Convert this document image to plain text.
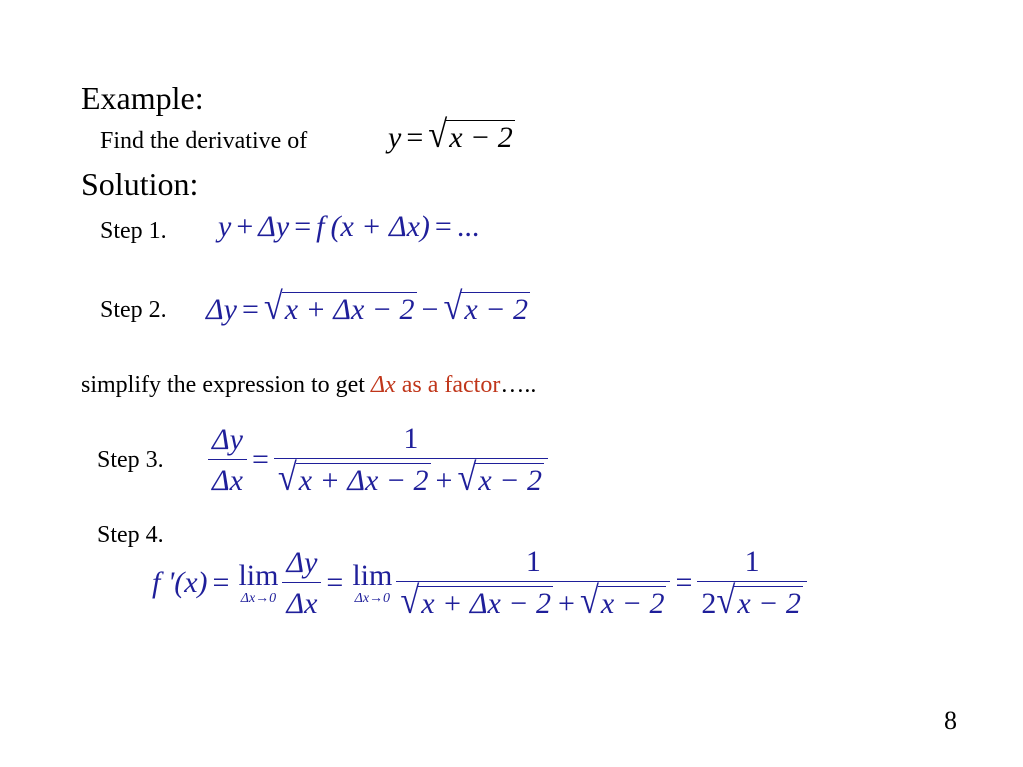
Example:
Find the derivative of	y = √ x − 2
Solution:
Step 1. y + Δy = f (x + Δx) = ...
Step 2. Δy = √ x + Δx − 2 − √ x − 2
simplify the expression to get Δx as a factor…..
Step 3. $\frac{\Delta y}{\Delta x}$ =
1
√ x + Δx − 2 + √ x − 2
Step 4.
f '(x) = lim
$\Delta x\to 0 \frac{\Delta y}{\Delta x} = \lim$
Δx→0
1
√ x + Δx − 2 + √ x − 2
= $\frac{1}{2 √ x - 2}$
8
